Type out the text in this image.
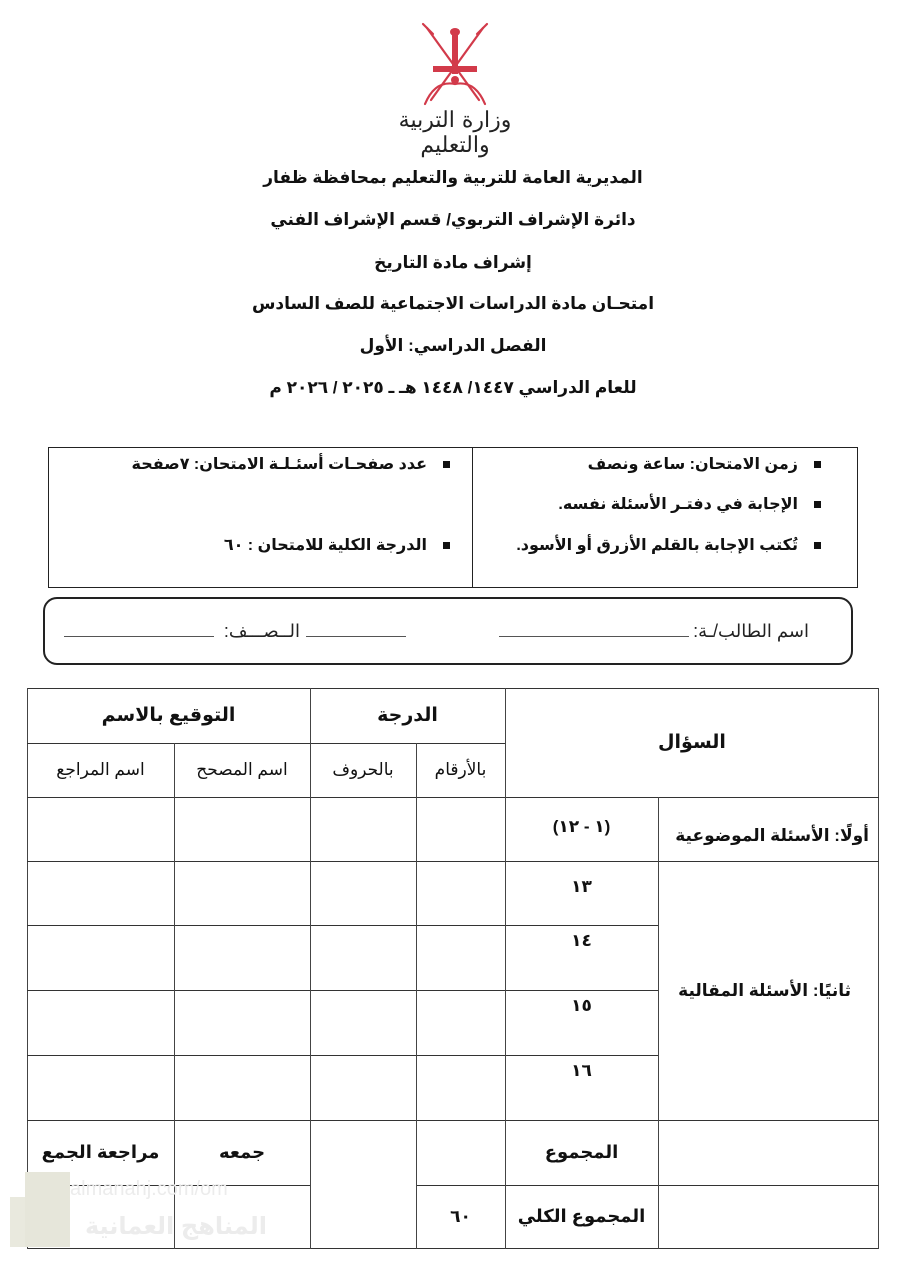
وزارة التربية والتعليم
المديرية العامة للتربية والتعليم بمحافظة ظفار
دائرة الإشراف التربوي/ قسم الإشراف الفني
إشراف مادة التاريخ
امتحـان مادة الدراسات الاجتماعية للصف السادس
الفصل الدراسي: الأول
للعام الدراسي ١٤٤٧/ ١٤٤٨ هـ ـ ٢٠٢٥ / ٢٠٢٦ م
زمن الامتحان: ساعة ونصف
الإجابة في دفتـر الأسئلة نفسه.
تُكتب الإجابة بالقلم الأزرق أو الأسود.
عدد صفحـات أسئـلـة الامتحان: ٧صفحة
الدرجة الكلية للامتحان : ٦٠
اسم الطالب/ـة:
الــصـــف:
السؤال
الدرجة
التوقيع بالاسم
بالأرقام
بالحروف
اسم المصحح
اسم المراجع
أولًا: الأسئلة الموضوعية
(١ - ١٢)
ثانيًا: الأسئلة المقالية
١٣
١٤
١٥
١٦
المجموع
المجموع الكلي
٦٠
جمعه
مراجعة الجمع
almanahj.com/om
المناهج العمانية
